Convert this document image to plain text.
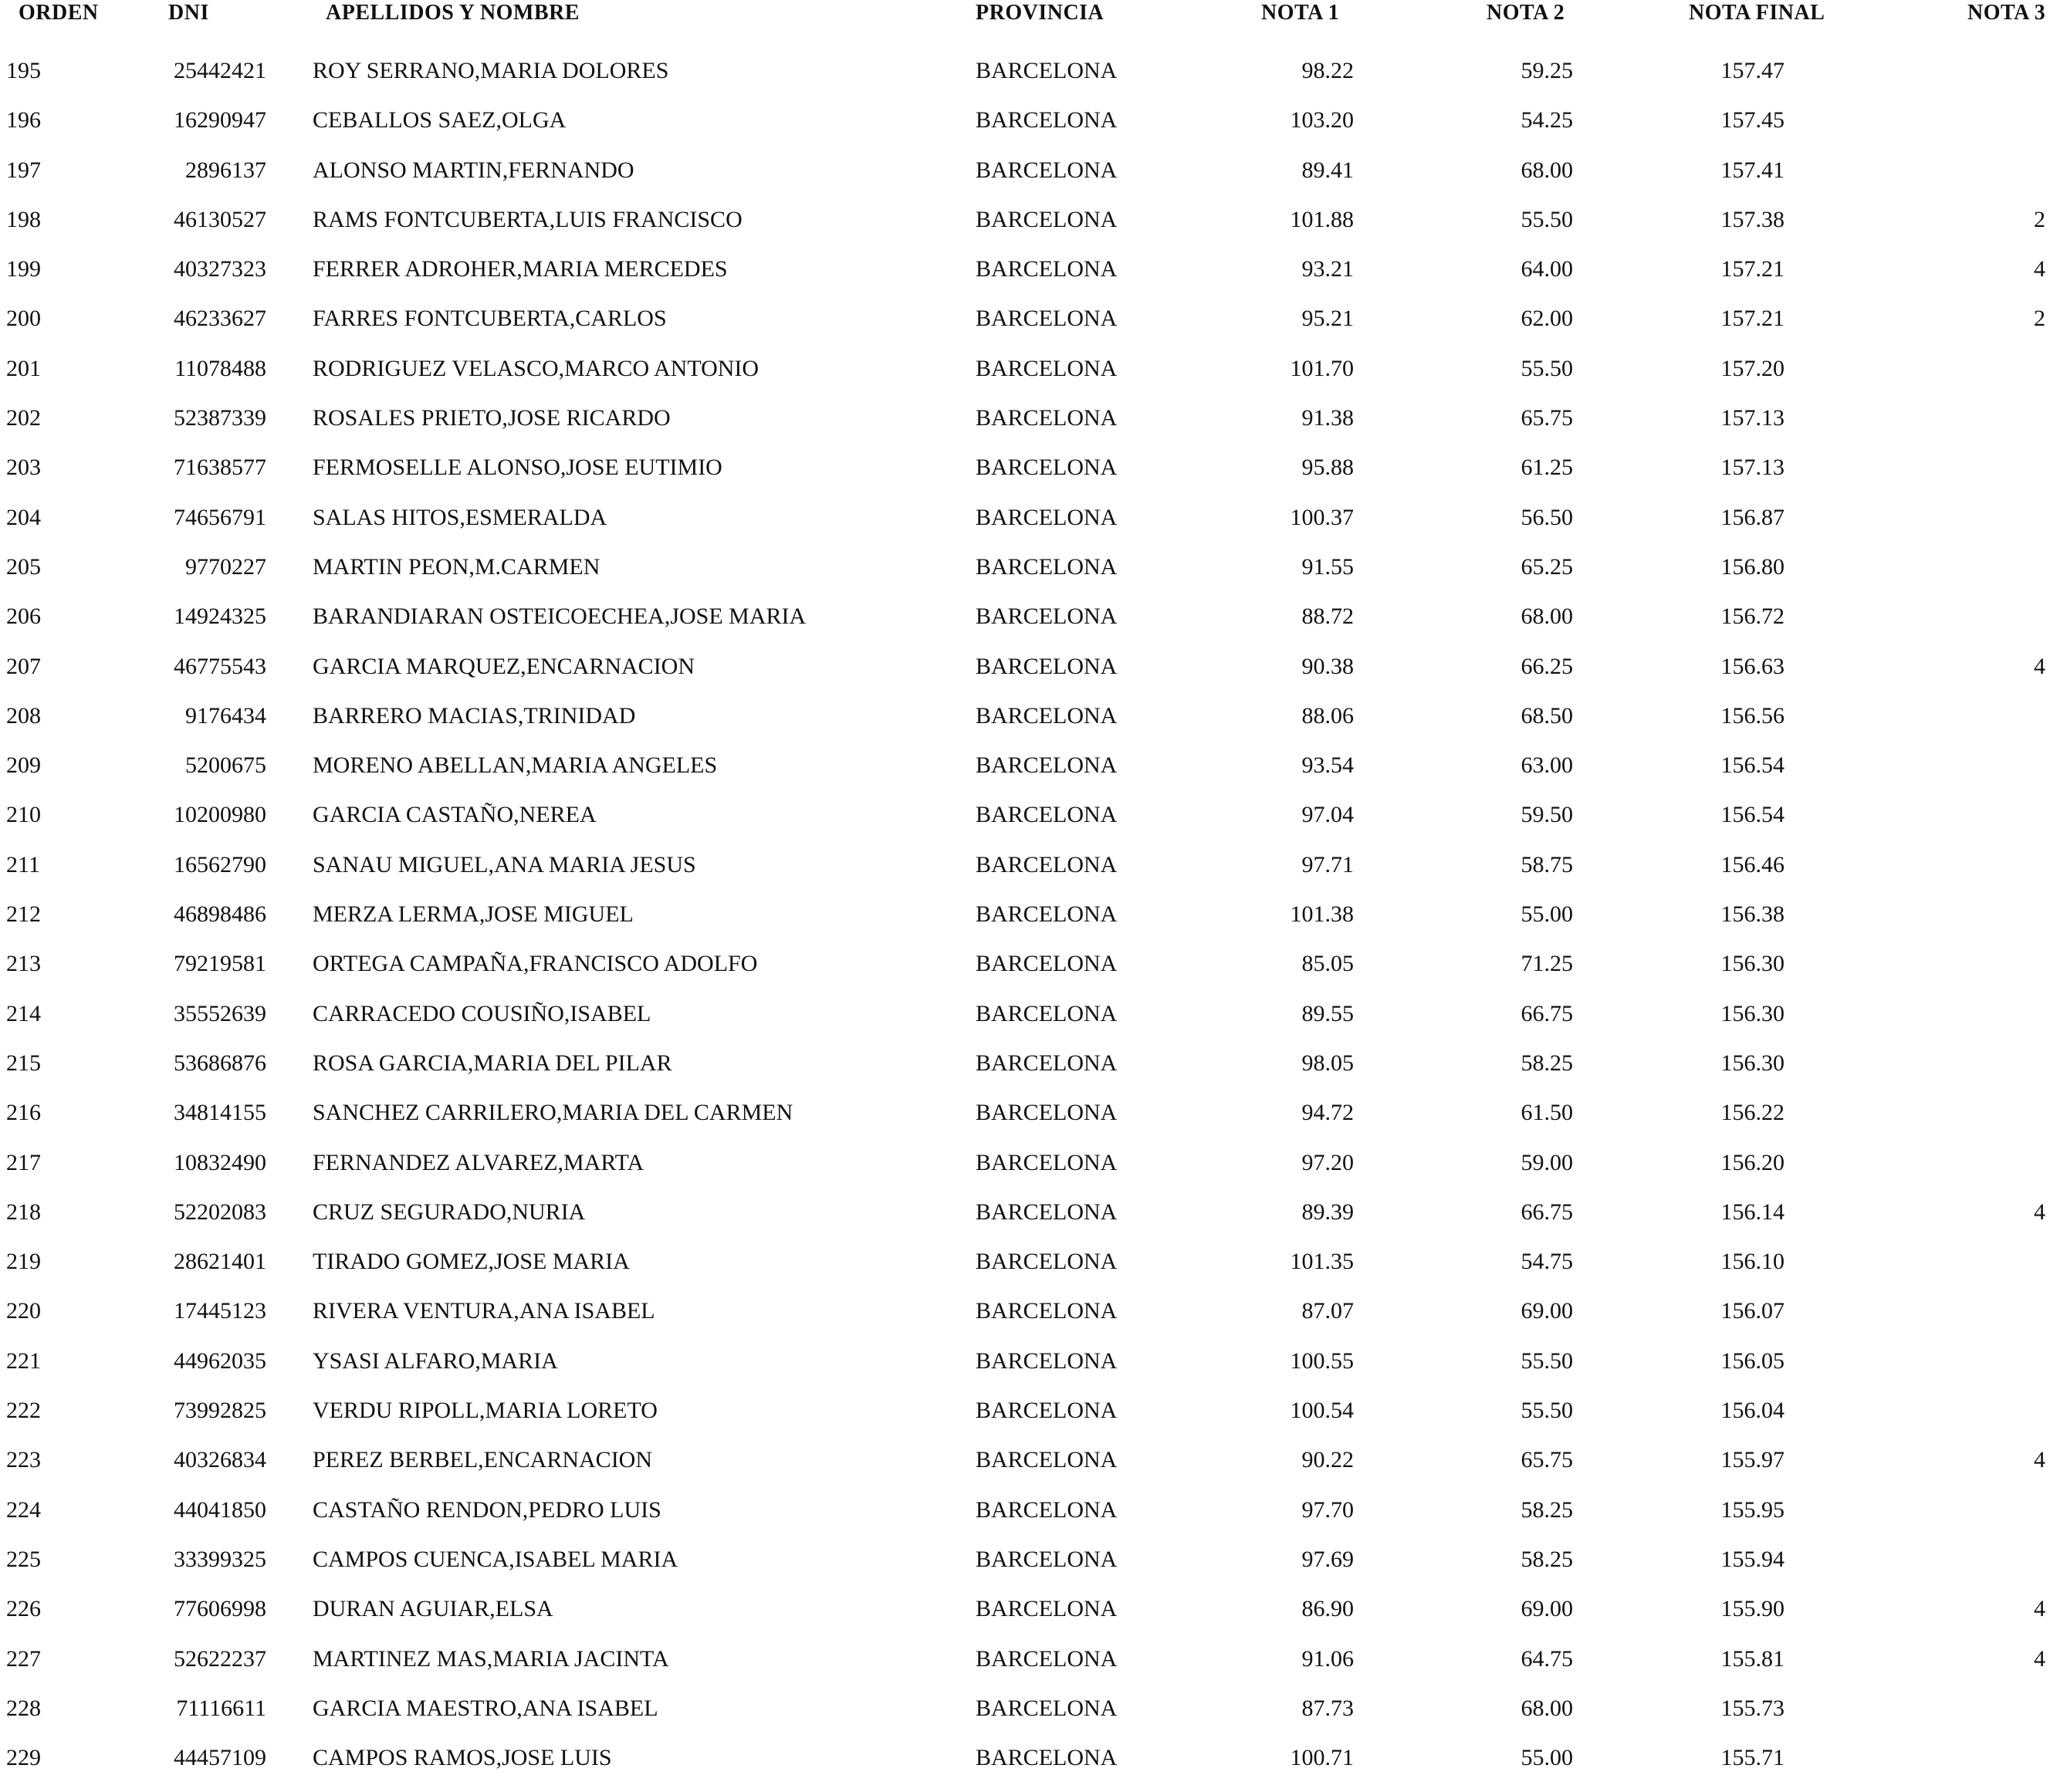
ORDEN	DNI	APELLIDOS Y NOMBRE	PROVINCIA	NOTA 1	NOTA 2	NOTA FINAL	NOTA 3
195	25442421 ROY SERRANO,MARIA DOLORES	BARCELONA	98.22	59.25	157.47
196	16290947 CEBALLOS SAEZ,OLGA	BARCELONA	103.20	54.25	157.45
197	2896137 ALONSO MARTIN,FERNANDO	BARCELONA	89.41	68.00	157.41
198	46130527 RAMS FONTCUBERTA,LUIS FRANCISCO	BARCELONA	101.88	55.50	157.38	2
199	40327323 FERRER ADROHER,MARIA MERCEDES	BARCELONA	93.21	64.00	157.21	4
200	46233627 FARRES FONTCUBERTA,CARLOS	BARCELONA	95.21	62.00	157.21	2
201	11078488 RODRIGUEZ VELASCO,MARCO ANTONIO	BARCELONA	101.70	55.50	157.20
202	52387339 ROSALES PRIETO,JOSE RICARDO	BARCELONA	91.38	65.75	157.13
203	71638577 FERMOSELLE ALONSO,JOSE EUTIMIO	BARCELONA	95.88	61.25	157.13
204	74656791 SALAS HITOS,ESMERALDA	BARCELONA	100.37	56.50	156.87
205	9770227 MARTIN PEON,M.CARMEN	BARCELONA	91.55	65.25	156.80
206	14924325 BARANDIARAN OSTEICOECHEA,JOSE MARIA	BARCELONA	88.72	68.00	156.72
207	46775543 GARCIA MARQUEZ,ENCARNACION	BARCELONA	90.38	66.25	156.63	4
208	9176434 BARRERO MACIAS,TRINIDAD	BARCELONA	88.06	68.50	156.56
209	5200675 MORENO ABELLAN,MARIA ANGELES	BARCELONA	93.54	63.00	156.54
210	10200980 GARCIA CASTAÑO,NEREA	BARCELONA	97.04	59.50	156.54
211	16562790 SANAU MIGUEL,ANA MARIA JESUS	BARCELONA	97.71	58.75	156.46
212	46898486 MERZA LERMA,JOSE MIGUEL	BARCELONA	101.38	55.00	156.38
213	79219581 ORTEGA CAMPAÑA,FRANCISCO ADOLFO	BARCELONA	85.05	71.25	156.30
214	35552639 CARRACEDO COUSIÑO,ISABEL	BARCELONA	89.55	66.75	156.30
215	53686876 ROSA GARCIA,MARIA DEL PILAR	BARCELONA	98.05	58.25	156.30
216	34814155 SANCHEZ CARRILERO,MARIA DEL CARMEN	BARCELONA	94.72	61.50	156.22
217	10832490 FERNANDEZ ALVAREZ,MARTA	BARCELONA	97.20	59.00	156.20
218	52202083 CRUZ SEGURADO,NURIA	BARCELONA	89.39	66.75	156.14	4
219	28621401 TIRADO GOMEZ,JOSE MARIA	BARCELONA	101.35	54.75	156.10
220	17445123 RIVERA VENTURA,ANA ISABEL	BARCELONA	87.07	69.00	156.07
221	44962035 YSASI ALFARO,MARIA	BARCELONA	100.55	55.50	156.05
222	73992825 VERDU RIPOLL,MARIA LORETO	BARCELONA	100.54	55.50	156.04
223	40326834 PEREZ BERBEL,ENCARNACION	BARCELONA	90.22	65.75	155.97	4
224	44041850 CASTAÑO RENDON,PEDRO LUIS	BARCELONA	97.70	58.25	155.95
225	33399325 CAMPOS CUENCA,ISABEL MARIA	BARCELONA	97.69	58.25	155.94
226	77606998 DURAN AGUIAR,ELSA	BARCELONA	86.90	69.00	155.90	4
227	52622237 MARTINEZ MAS,MARIA JACINTA	BARCELONA	91.06	64.75	155.81	4
228	71116611 GARCIA MAESTRO,ANA ISABEL	BARCELONA	87.73	68.00	155.73
229	44457109 CAMPOS RAMOS,JOSE LUIS	BARCELONA	100.71	55.00	155.71
